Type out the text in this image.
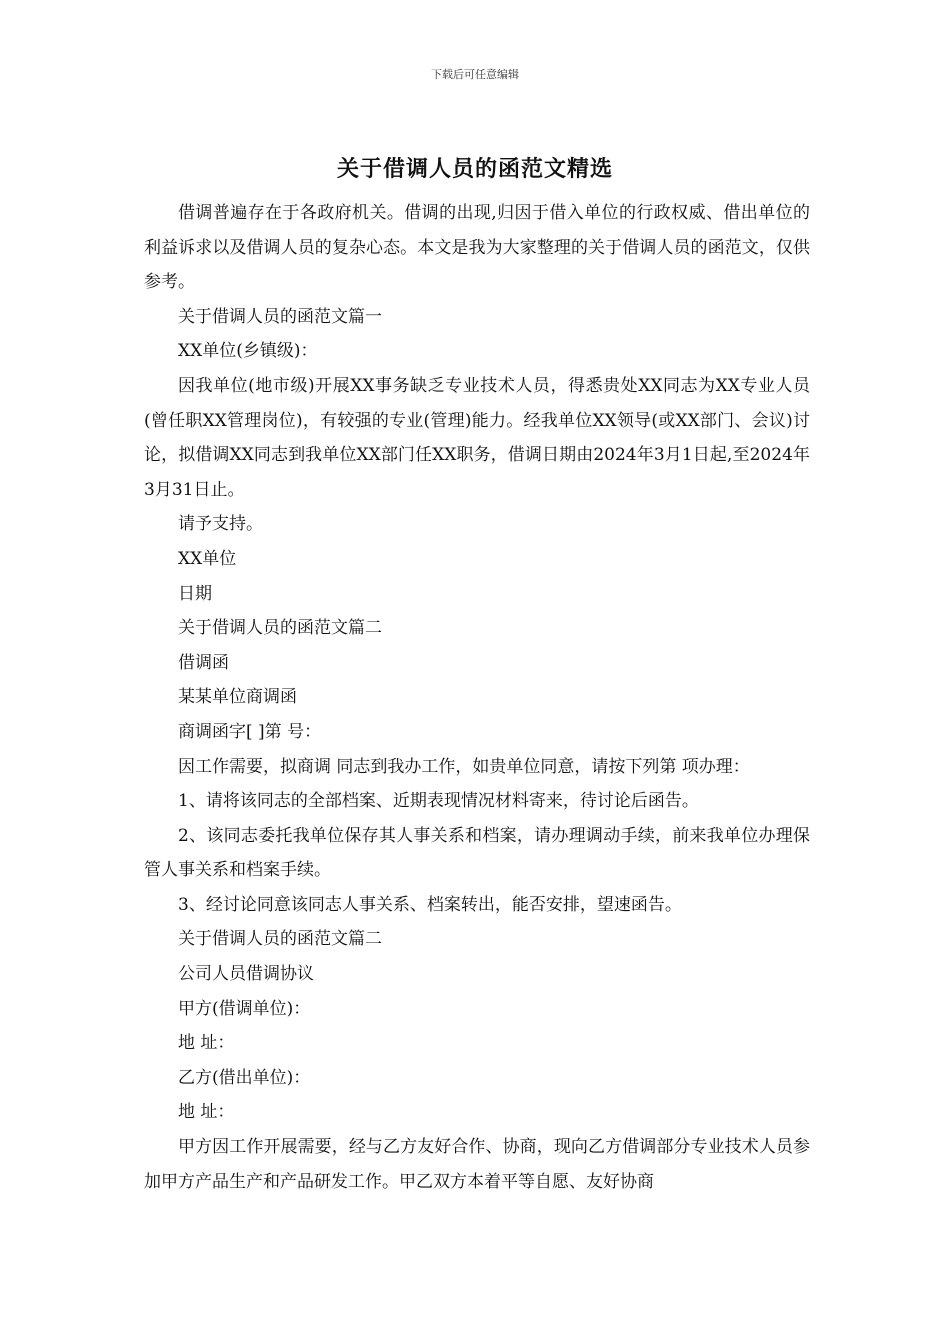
下载后可任意编辑
关于借调人员的函范文精选

借调普遍存在于各政府机关。借调的出现,归因于借入单位的行政权威、借出单位的利益诉求以及借调人员的复杂心态。本文是我为大家整理的关于借调人员的函范文，仅供参考。

关于借调人员的函范文篇一

XX单位(乡镇级)：

因我单位(地市级)开展XX事务缺乏专业技术人员，得悉贵处XX同志为XX专业人员(曾任职XX管理岗位)，有较强的专业(管理)能力。经我单位XX领导(或XX部门、会议)讨论，拟借调XX同志到我单位XX部门任XX职务，借调日期由2024年3月1日起,至2024年3月31日止。

请予支持。

XX单位

日期

关于借调人员的函范文篇二

借调函

某某单位商调函

商调函字[ ]第 号：

因工作需要，拟商调 同志到我办工作，如贵单位同意，请按下列第 项办理：

1、请将该同志的全部档案、近期表现情况材料寄来，待讨论后函告。

2、该同志委托我单位保存其人事关系和档案，请办理调动手续，前来我单位办理保管人事关系和档案手续。

3、经讨论同意该同志人事关系、档案转出，能否安排，望速函告。

关于借调人员的函范文篇二

公司人员借调协议

甲方(借调单位)：

地 址：

乙方(借出单位)：

地 址：

甲方因工作开展需要，经与乙方友好合作、协商，现向乙方借调部分专业技术人员参加甲方产品生产和产品研发工作。甲乙双方本着平等自愿、友好协商
